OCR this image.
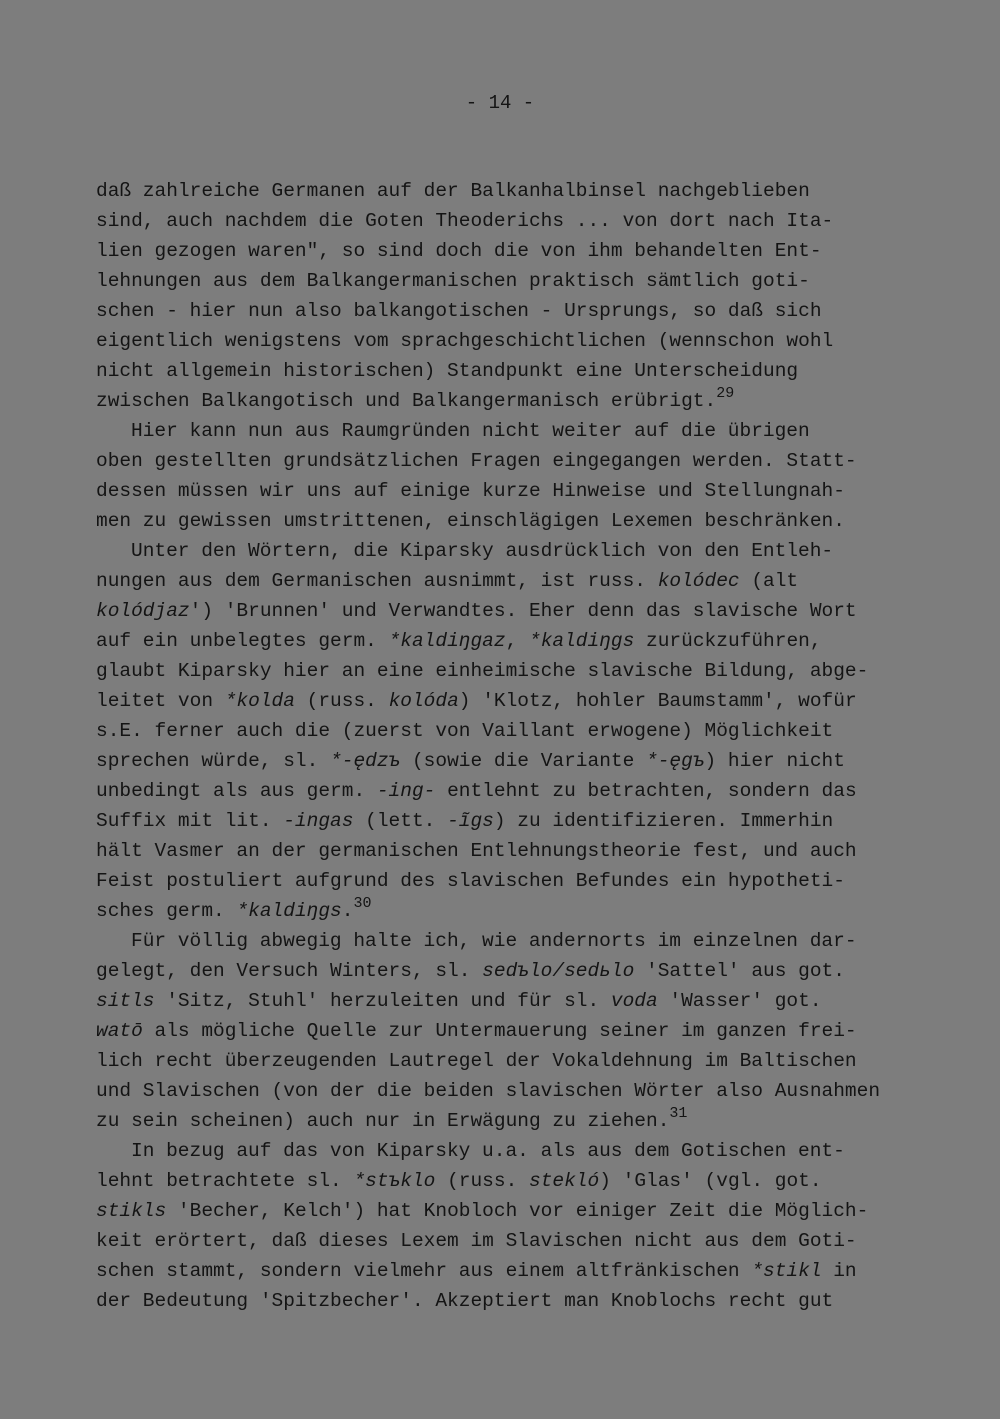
- 14 -
daß zahlreiche Germanen auf der Balkanhalbinsel nachgeblieben
sind, auch nachdem die Goten Theoderichs ... von dort nach Ita-
lien gezogen waren", so sind doch die von ihm behandelten Ent-
lehnungen aus dem Balkangermanischen praktisch sämtlich goti-
schen - hier nun also balkangotischen - Ursprungs, so daß sich
eigentlich wenigstens vom sprachgeschichtlichen (wennschon wohl
nicht allgemein historischen) Standpunkt eine Unterscheidung
zwischen Balkangotisch und Balkangermanisch erübrigt.$^{29}$
Hier kann nun aus Raumgründen nicht weiter auf die übrigen
oben gestellten grundsätzlichen Fragen eingegangen werden. Statt-
dessen müssen wir uns auf einige kurze Hinweise und Stellungnah-
men zu gewissen umstrittenen, einschlägigen Lexemen beschränken.
Unter den Wörtern, die Kiparsky ausdrücklich von den Entleh-
nungen aus dem Germanischen ausnimmt, ist russ. kolódec (alt
kolódjaz') 'Brunnen' und Verwandtes. Eher denn das slavische Wort
auf ein unbelegtes germ. *kaldiŋgaz, *kaldiŋgs zurückzuführen,
glaubt Kiparsky hier an eine einheimische slavische Bildung, abge-
leitet von *kolda (russ. kolóda) 'Klotz, hohler Baumstamm', wofür
s.E. ferner auch die (zuerst von Vaillant erwogene) Möglichkeit
sprechen würde, sl. *-ędzъ (sowie die Variante *-ęgъ) hier nicht
unbedingt als aus germ. -ing- entlehnt zu betrachten, sondern das
Suffix mit lit. -ingas (lett. -ĩgs) zu identifizieren. Immerhin
hält Vasmer an der germanischen Entlehnungstheorie fest, und auch
Feist postuliert aufgrund des slavischen Befundes ein hypotheti-
sches germ. *kaldiŋgs.$^{30}$
Für völlig abwegig halte ich, wie andernorts im einzelnen dar-
gelegt, den Versuch Winters, sl. sedъlo/sedьlo 'Sattel' aus got.
sitls 'Sitz, Stuhl' herzuleiten und für sl. voda 'Wasser' got.
watō als mögliche Quelle zur Untermauerung seiner im ganzen frei-
lich recht überzeugenden Lautregel der Vokaldehnung im Baltischen
und Slavischen (von der die beiden slavischen Wörter also Ausnahmen
zu sein scheinen) auch nur in Erwägung zu ziehen.$^{31}$
In bezug auf das von Kiparsky u.a. als aus dem Gotischen ent-
lehnt betrachtete sl. *stъklo (russ. stekló) 'Glas' (vgl. got.
stikls 'Becher, Kelch') hat Knobloch vor einiger Zeit die Möglich-
keit erörtert, daß dieses Lexem im Slavischen nicht aus dem Goti-
schen stammt, sondern vielmehr aus einem altfränkischen *stikl in
der Bedeutung 'Spitzbecher'. Akzeptiert man Knoblochs recht gut
